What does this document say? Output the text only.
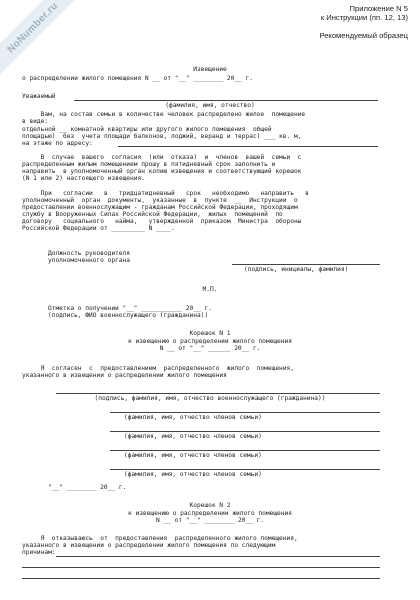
NoNumber.ru	Приложение N 5
к Инструкции (пп. 12, 13)
Рекомендуемый образец
Извещение
о распределении жилого помещения N __ от "__" ________ 20__ г.
Уважаемый
(фамилия, имя, отчество)
Вам, на состав семьи в количестве человек распределено жилое  помещение
в виде:
отдельной __ комнатной квартиры или другого жилого помещения  общей
площадью)  без  учета площади балконов, лоджий, веранд и террас) ___ кв. м,
на этаже по адресу:
В  случае  вашего  согласия  (или  отказа)  и  членов  вашей  семьи  с
распределенным жилым помещением прошу в пятидневный срок заполнить и
направить  в уполномоченный орган копию извещения и соответствующий корешок
(N 1 или 2) настоящего извещения.
При   согласии   в   тридцатидневный   срок   необходимо   направить   в
уполномоченный  орган  документы,  указанные  в  пункте  __  Инструкции  о
предоставлении военнослужащим - гражданам Российской Федерации, проходящим
службу в Вооруженных Силах Российской Федерации,  жилых  помещений  по
договору   социального   найма,   утвержденной  приказом  Министра  обороны
Российской Федерации от _________ N ____.
Должность руководителя
уполномоченного органа
(подпись, инициалы, фамилия)
М.П.
Отметка о получении "__" ___________ 20__ г.
(подпись, ФИО военнослужащего (гражданина))
Корешок N 1
к извещению о распределении жилого помещения
N __ от "__" ______ 20__ г.
Я  согласен  с  предоставлением  распределенного  жилого  помещения,
указанного в извещении о распределении жилого помещения
(подпись, фамилия, имя, отчество военнослужащего (гражданина))
(фамилия, имя, отчество членов семьи)
(фамилия, имя, отчество членов семьи)
(фамилия, имя, отчество членов семьи)
(фамилия, имя, отчество членов семьи)
"__" ________ 20__ г.
Корешок N 2
к извещению о распределении жилого помещения
N __ от "__" ________ 20__ г.
Я  отказываюсь  от  предоставления  распределенного жилого помещения,
указанного в извещении о распределении жилого помещения по следующим
причинам:
